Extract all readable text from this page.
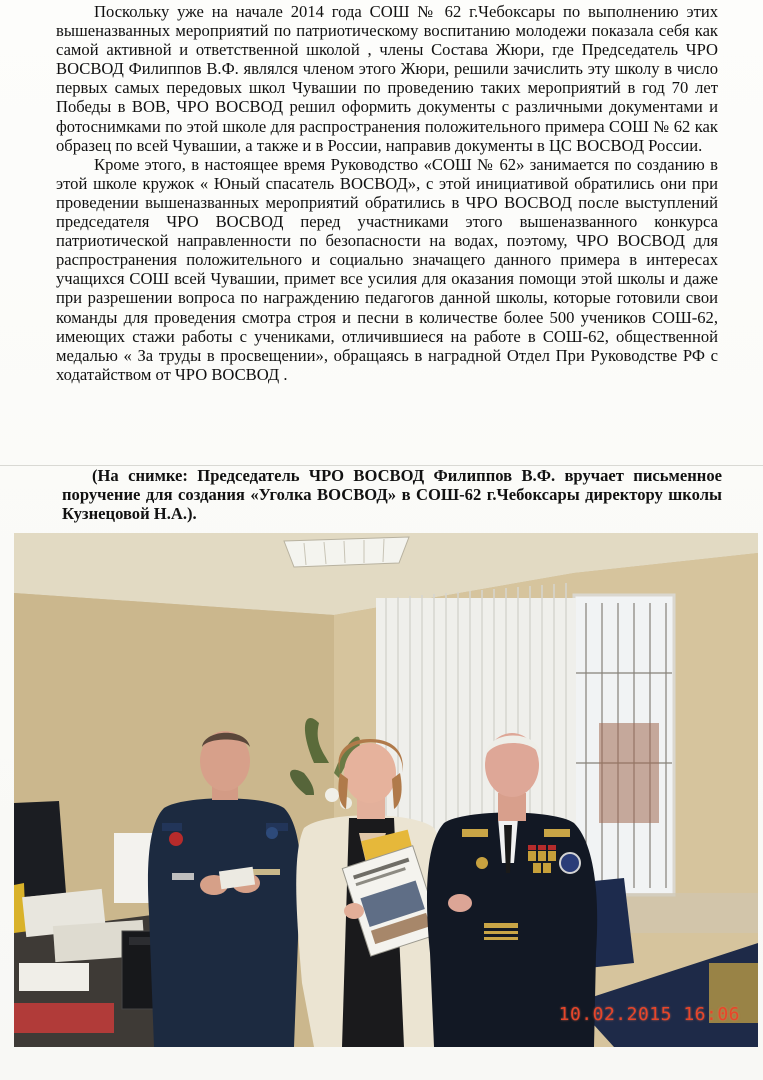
Поскольку уже на начале 2014 года СОШ № 62 г.Чебоксары по выполнению этих вышеназванных мероприятий по патриотическому воспитанию молодежи показала себя как самой активной и ответственной школой , члены Состава Жюри, где Председатель ЧРО ВОСВОД Филиппов В.Ф. являлся членом этого Жюри, решили зачислить эту школу в число первых самых передовых школ Чувашии по проведению таких мероприятий в год 70 лет Победы в ВОВ, ЧРО ВОСВОД решил оформить документы с различными документами и фотоснимками по этой школе для распространения положительного примера СОШ № 62 как образец по всей Чувашии, а также и в России, направив документы в ЦС ВОСВОД России.

Кроме этого, в настоящее время Руководство «СОШ № 62» занимается по созданию в этой школе кружок « Юный спасатель ВОСВОД», с этой инициативой обратились они при проведении вышеназванных мероприятий обратились в ЧРО ВОСВОД после выступлений председателя ЧРО ВОСВОД перед участниками этого вышеназванного конкурса патриотической направленности по безопасности на водах, поэтому, ЧРО ВОСВОД для распространения положительного и социально значащего данного примера в интересах учащихся СОШ всей Чувашии, примет все усилия для оказания помощи этой школы и даже при разрешении вопроса по награждению педагогов данной школы, которые готовили свои команды для проведения смотра строя и песни в количестве более 500 учеников СОШ-62, имеющих стажи работы с учениками, отличившиеся на работе в СОШ-62, общественной медалью « За труды в просвещении», обращаясь в наградной Отдел При Руководстве РФ с ходатайством от ЧРО ВОСВОД .

(На снимке: Председатель ЧРО ВОСВОД Филиппов В.Ф. вручает письменное поручение для создания «Уголка ВОСВОД» в СОШ-62 г.Чебоксары директору школы Кузнецовой Н.А.).

10.02.2015 16:06
